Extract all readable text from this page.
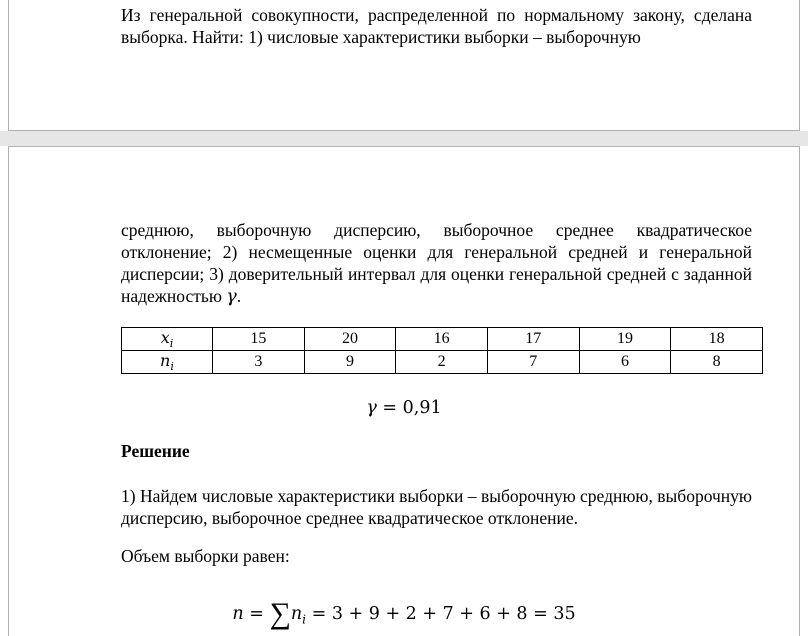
Из генеральной совокупности, распределенной по нормальному закону, сделана выборка. Найти: 1) числовые характеристики выборки – выборочную

среднюю, выборочную дисперсию, выборочное среднее квадратическое отклонение; 2) несмещенные оценки для генеральной средней и генеральной дисперсии; 3) доверительный интервал для оценки генеральной средней с заданной надежностью γ.

$x_i$	15	20	16	17	19	18
$n_i$	3	9	2	7	6	8
γ = 0,91

Решение

1) Найдем числовые характеристики выборки – выборочную среднюю, выборочную дисперсию, выборочное среднее квадратическое отклонение.

Объем выборки равен:

$n = \sum n_i = 3 + 9 + 2 + 7 + 6 + 8 = 35$
